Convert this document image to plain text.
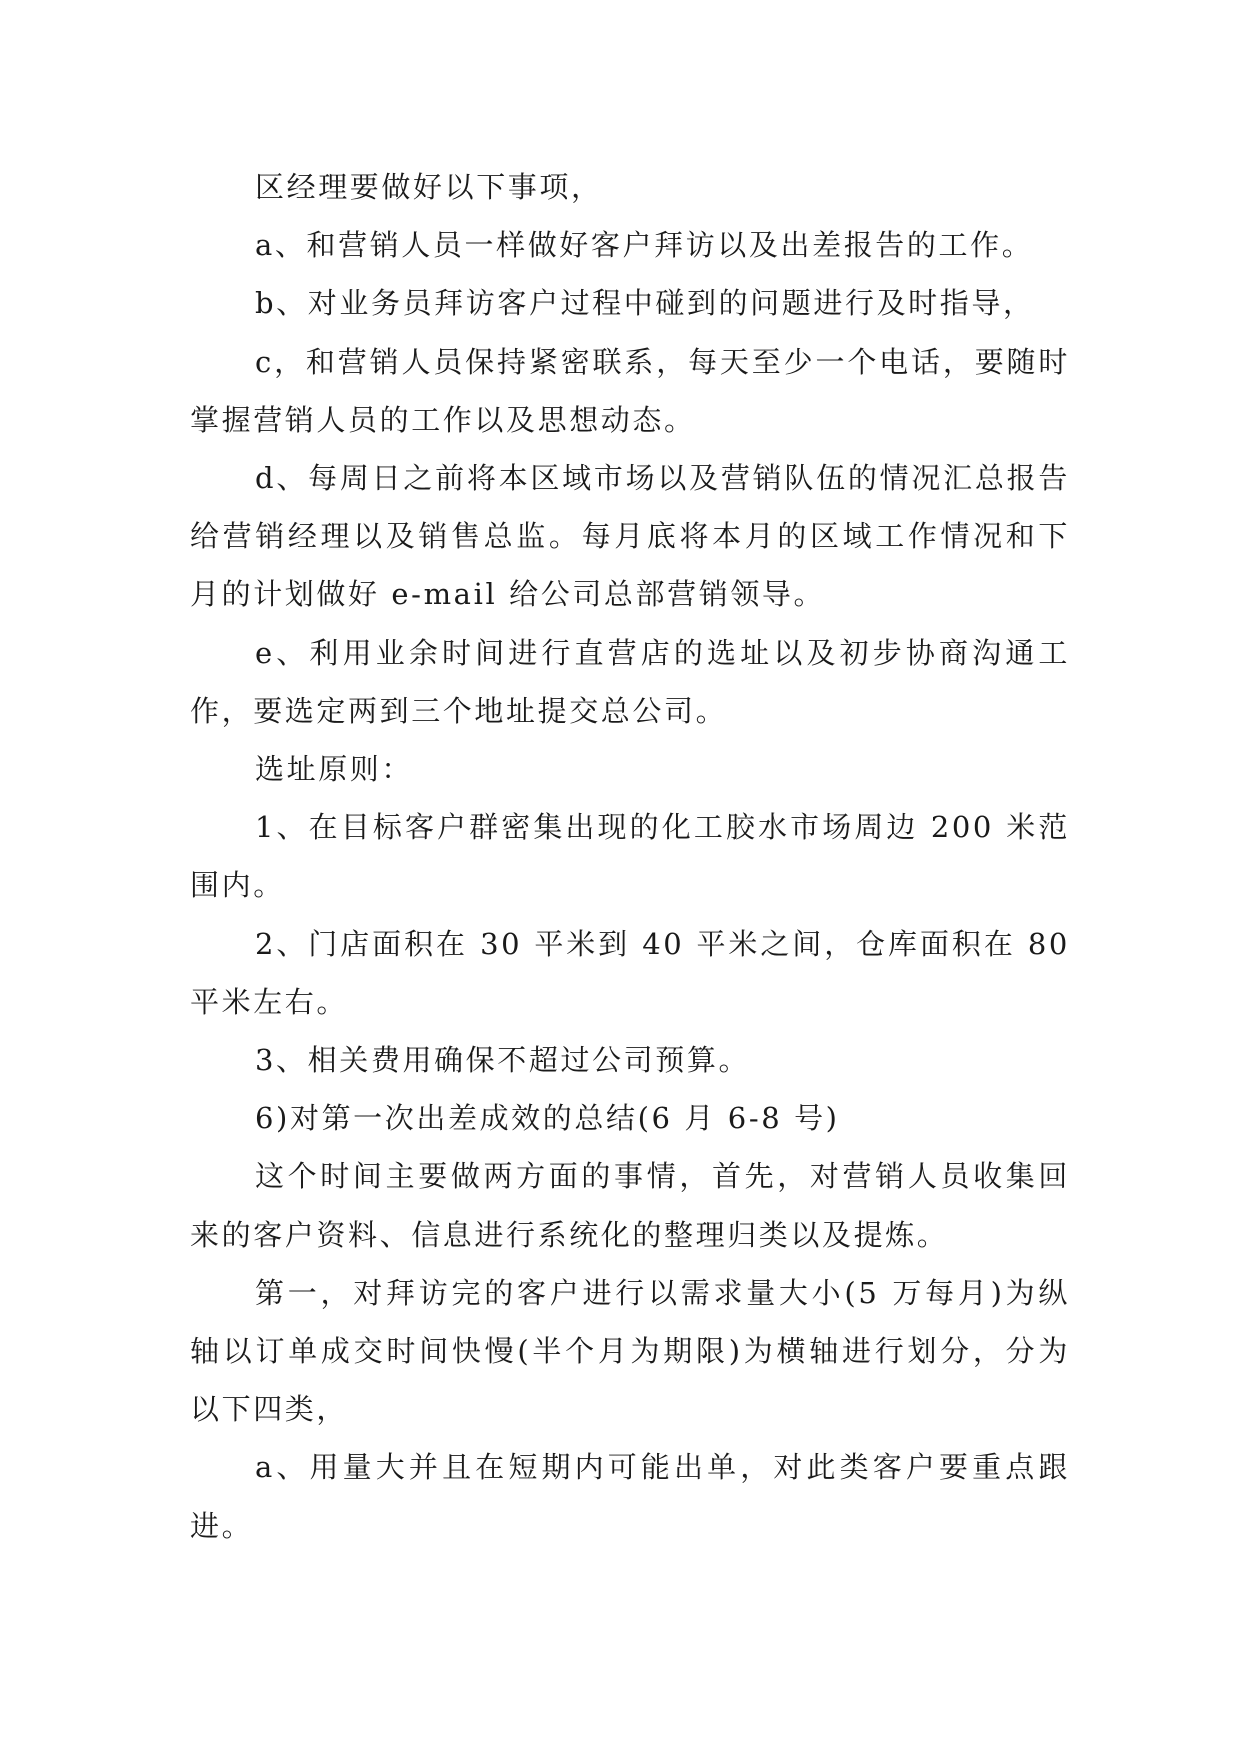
区经理要做好以下事项，

a、和营销人员一样做好客户拜访以及出差报告的工作。

b、对业务员拜访客户过程中碰到的问题进行及时指导，

c，和营销人员保持紧密联系，每天至少一个电话，要随时掌握营销人员的工作以及思想动态。

d、每周日之前将本区域市场以及营销队伍的情况汇总报告给营销经理以及销售总监。每月底将本月的区域工作情况和下月的计划做好 e-mail 给公司总部营销领导。

e、利用业余时间进行直营店的选址以及初步协商沟通工作，要选定两到三个地址提交总公司。

选址原则：

1、在目标客户群密集出现的化工胶水市场周边 200 米范围内。

2、门店面积在 30 平米到 40 平米之间，仓库面积在 80 平米左右。

3、相关费用确保不超过公司预算。

6)对第一次出差成效的总结(6 月 6-8 号)

这个时间主要做两方面的事情，首先，对营销人员收集回来的客户资料、信息进行系统化的整理归类以及提炼。

第一，对拜访完的客户进行以需求量大小(5 万每月)为纵轴以订单成交时间快慢(半个月为期限)为横轴进行划分，分为以下四类，

a、用量大并且在短期内可能出单，对此类客户要重点跟进。
